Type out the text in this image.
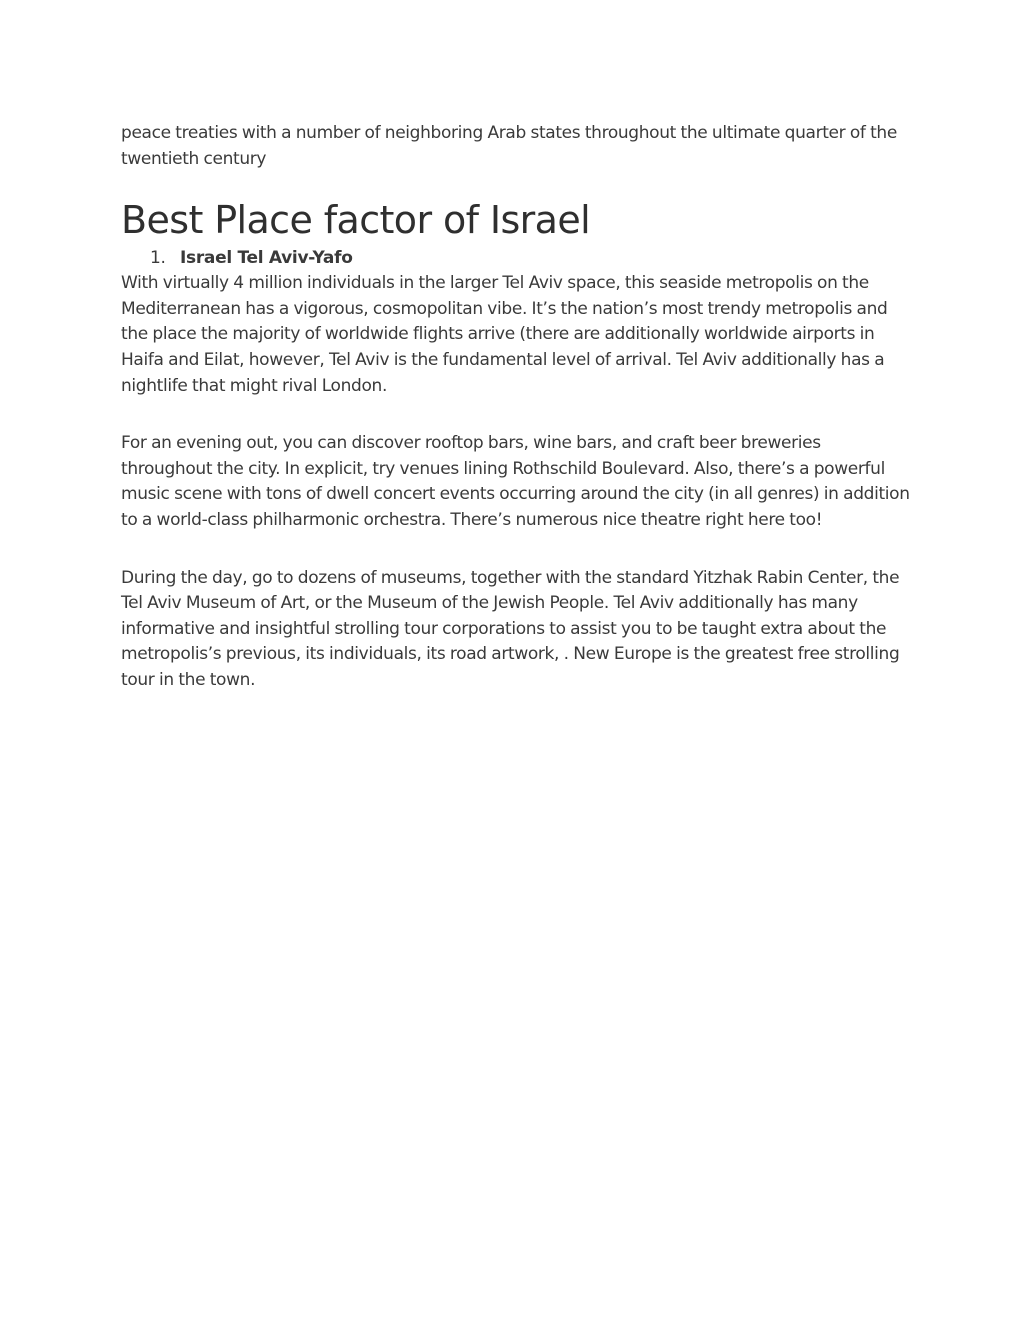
peace treaties with a number of neighboring Arab states throughout the ultimate quarter of the twentieth century

Best Place factor of Israel
1. Israel Tel Aviv-Yafo

With virtually 4 million individuals in the larger Tel Aviv space, this seaside metropolis on the Mediterranean has a vigorous, cosmopolitan vibe. It’s the nation’s most trendy metropolis and the place the majority of worldwide flights arrive (there are additionally worldwide airports in Haifa and Eilat, however, Tel Aviv is the fundamental level of arrival. Tel Aviv additionally has a nightlife that might rival London.

For an evening out, you can discover rooftop bars, wine bars, and craft beer breweries throughout the city. In explicit, try venues lining Rothschild Boulevard. Also, there’s a powerful music scene with tons of dwell concert events occurring around the city (in all genres) in addition to a world-class philharmonic orchestra. There’s numerous nice theatre right here too!

During the day, go to dozens of museums, together with the standard Yitzhak Rabin Center, the Tel Aviv Museum of Art, or the Museum of the Jewish People. Tel Aviv additionally has many informative and insightful strolling tour corporations to assist you to be taught extra about the metropolis’s previous, its individuals, its road artwork, . New Europe is the greatest free strolling tour in the town.
